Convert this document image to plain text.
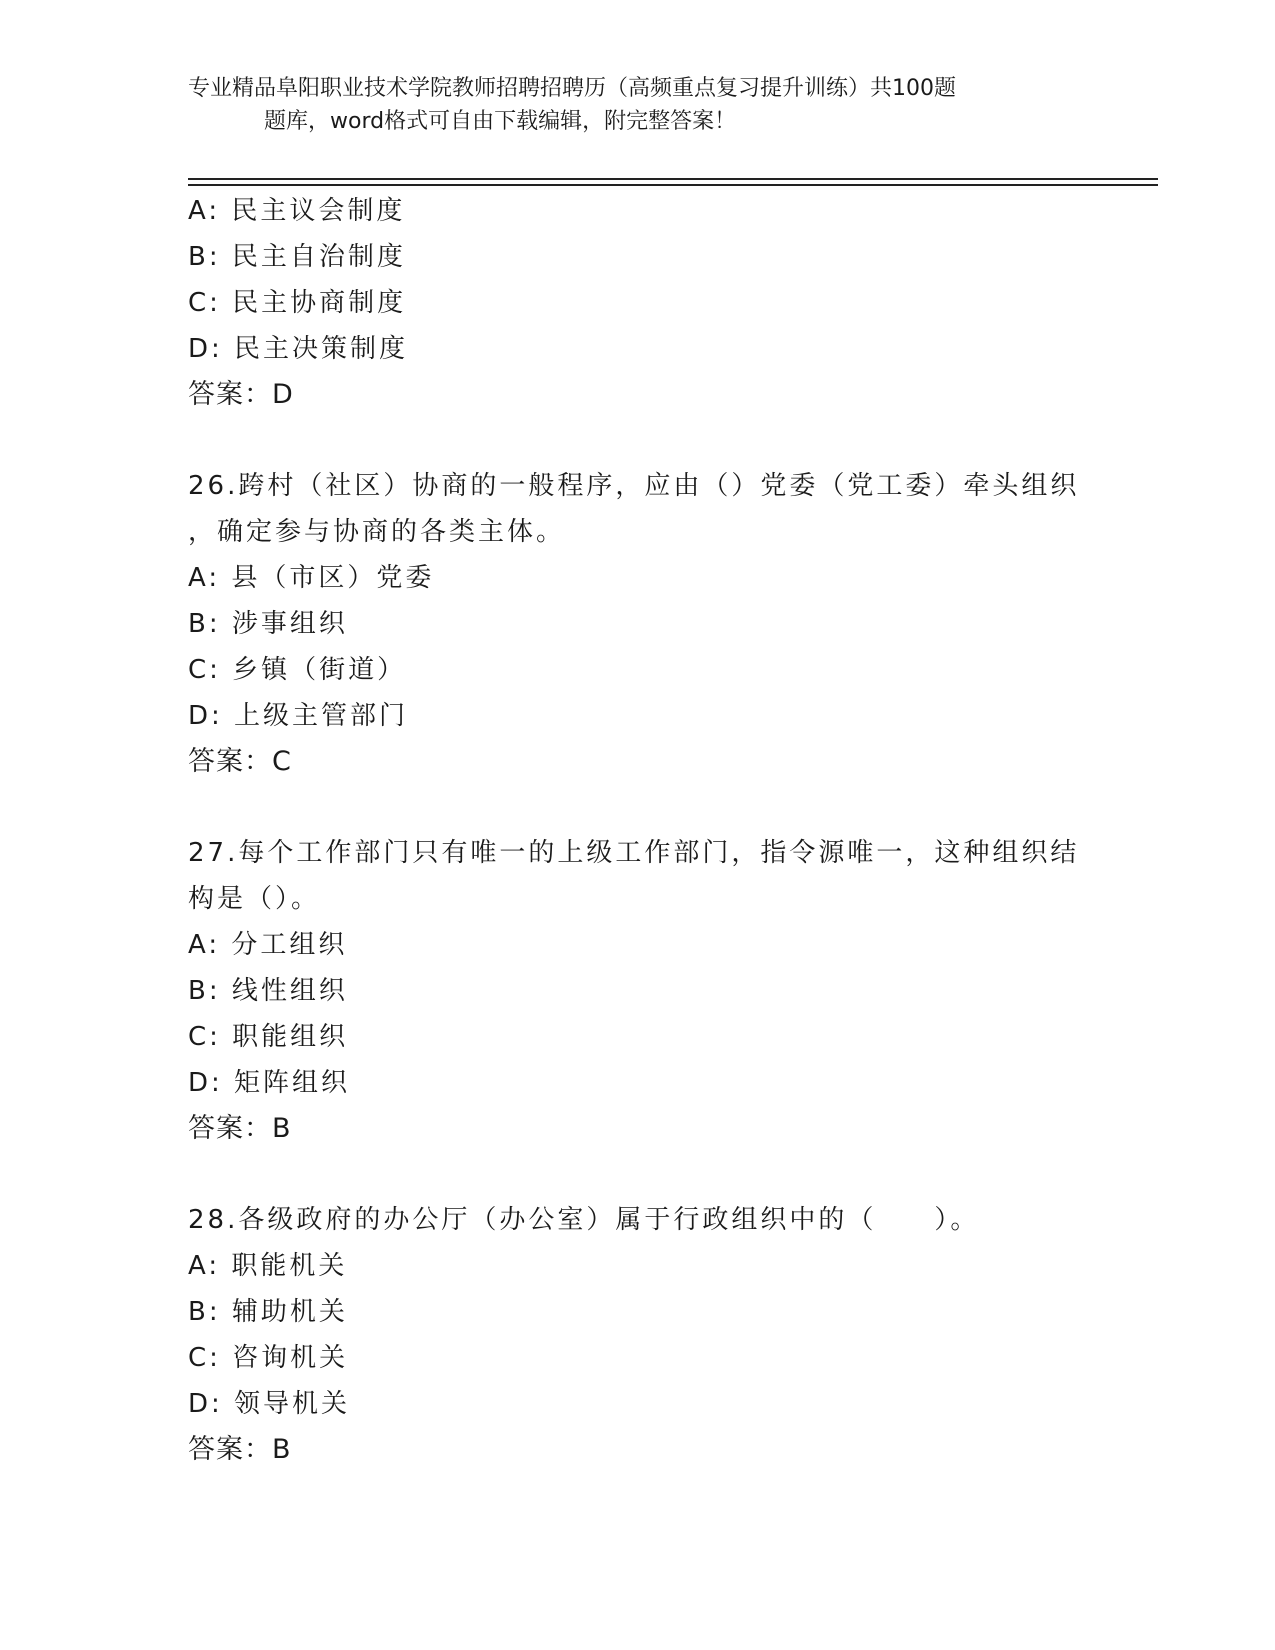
专业精品阜阳职业技术学院教师招聘招聘历（高频重点复习提升训练）共100题
题库，word格式可自由下载编辑，附完整答案！
A: 民主议会制度
B: 民主自治制度
C: 民主协商制度
D: 民主决策制度
答案：D
26.跨村（社区）协商的一般程序，应由（）党委（党工委）牵头组织
，确定参与协商的各类主体。
A: 县（市区）党委
B: 涉事组织
C: 乡镇（街道）
D: 上级主管部门
答案：C
27.每个工作部门只有唯一的上级工作部门，指令源唯一，这种组织结
构是（）。
A: 分工组织
B: 线性组织
C: 职能组织
D: 矩阵组织
答案：B
28.各级政府的办公厅（办公室）属于行政组织中的（　　）。
A: 职能机关
B: 辅助机关
C: 咨询机关
D: 领导机关
答案：B
